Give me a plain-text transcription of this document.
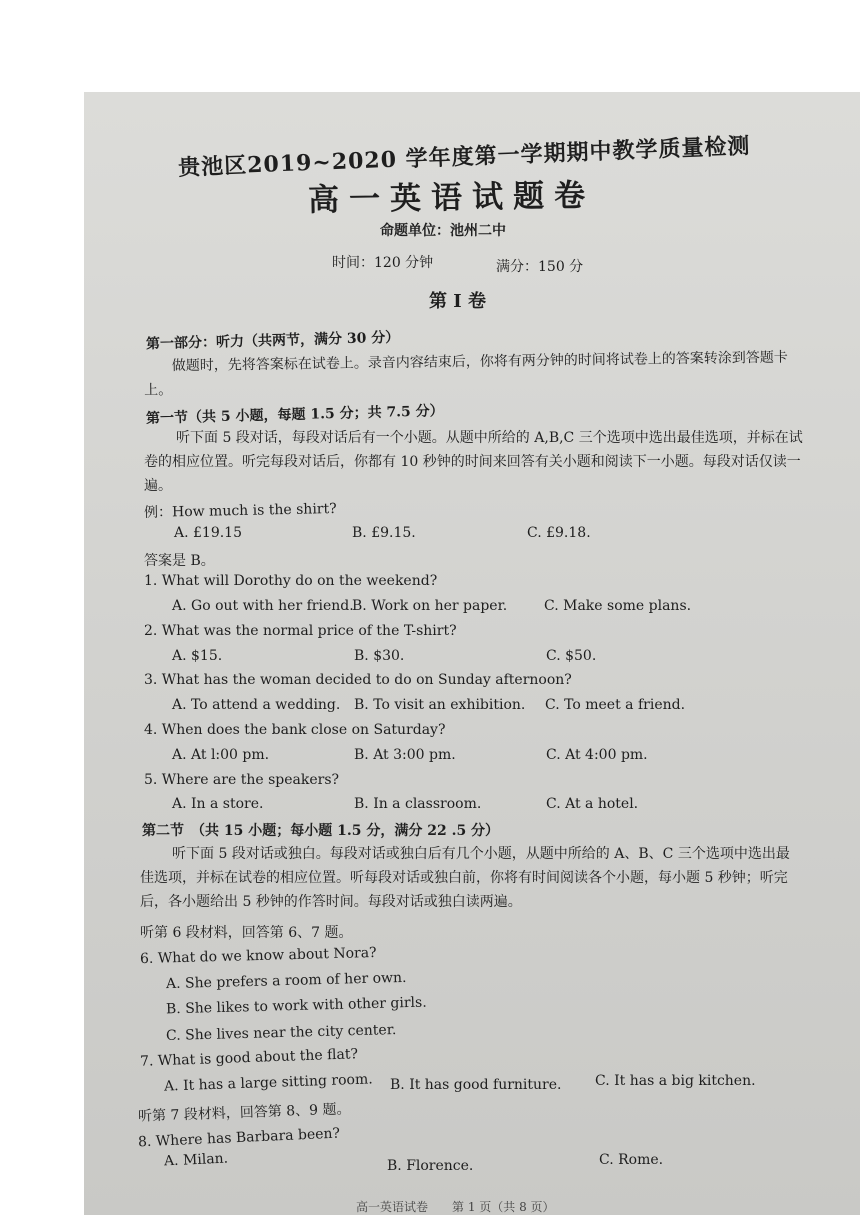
贵池区2019~2020 学年度第一学期期中教学质量检测
高一英语试题卷
命题单位：池州二中
时间：120 分钟	满分：150 分
第 I 卷
第一部分：听力（共两节，满分 30 分）
做题时，先将答案标在试卷上。录音内容结束后，你将有两分钟的时间将试卷上的答案转涂到答题卡上。
第一节（共 5 小题，每题 1.5 分；共 7.5 分）
听下面 5 段对话，每段对话后有一个小题。从题中所给的 A,B,C 三个选项中选出最佳选项，并标在试卷的相应位置。听完每段对话后，你都有 10 秒钟的时间来回答有关小题和阅读下一小题。每段对话仅读一遍。
例：How much is the shirt?
A. £19.15	B. £9.15.	C. £9.18.
答案是 B。
1. What will Dorothy do on the weekend?
A. Go out with her friend.
B. Work on her paper.	C. Make some plans.
2. What was the normal price of the T-shirt?
A. $15.	B. $30.	C. $50.
3. What has the woman decided to do on Sunday afternoon?
A. To attend a wedding. B. To visit an exhibition. C. To meet a friend.
4. When does the bank close on Saturday?
A. At l:00 pm.	B. At 3:00 pm.	C. At 4:00 pm.
5. Where are the speakers?
A. In a store.	B. In a classroom.	C. At a hotel.
第二节　（共 15 小题；每小题 1.5 分，满分 22 .5 分）
听下面 5 段对话或独白。每段对话或独白后有几个小题，从题中所给的 A、B、C 三个选项中选出最佳选项，并标在试卷的相应位置。听每段对话或独白前，你将有时间阅读各个小题，每小题 5 秒钟；听完后，各小题给出 5 秒钟的作答时间。每段对话或独白读两遍。
听第 6 段材料，回答第 6、7 题。
6. What do we know about Nora?
A. She prefers a room of her own.
B. She likes to work with other girls.
C. She lives near the city center.
7. What is good about the flat?
A. It has a large sitting room. B. It has good furniture. C. It has a big kitchen.
听第 7 段材料，回答第 8、9 题。
8. Where has Barbara been?
A. Milan.	B. Florence.	C. Rome.
高一英语试卷　　第 1 页（共 8 页）
